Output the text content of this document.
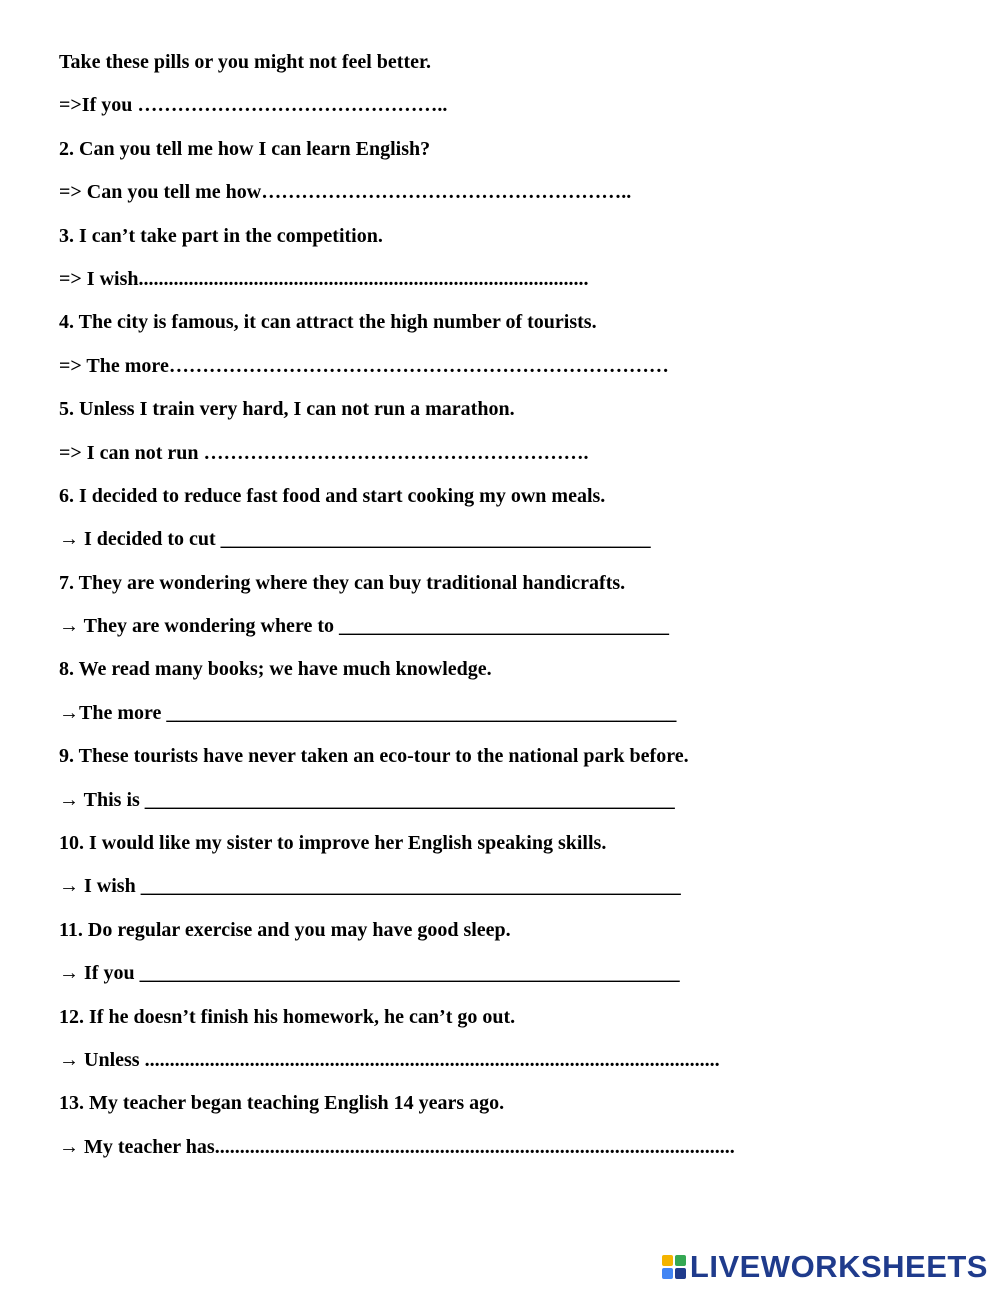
Take these pills or you might not feel better.
=>If you ………………………………………..
2. Can you tell me how I can learn English?
=> Can you tell me how………………………………………………..
3. I can’t take part in the competition.
=> I wish..........................................................................................
4. The city is famous, it can attract the high number of tourists.
=> The more…………………………………………………………………
5. Unless I train very hard, I can not run a marathon.
=> I can not run ………………………………………………….
6. I decided to reduce fast food and start cooking my own meals.
→ I decided to cut ___________________________________________
7. They are wondering where they can buy traditional handicrafts.
→ They are wondering where to _________________________________
8. We read many books; we have much knowledge.
→The more ___________________________________________________
9. These tourists have never taken an eco-tour to the national park before.
→ This is _____________________________________________________
10. I would like my sister to improve her English speaking skills.
→ I wish ______________________________________________________
11. Do regular exercise and you may have good sleep.
→ If you ______________________________________________________
12. If he doesn’t finish his homework, he can’t go out.
→ Unless ...................................................................................................................
13. My teacher began teaching English 14 years ago.
→ My teacher has........................................................................................................
LIVEWORKSHEETS
